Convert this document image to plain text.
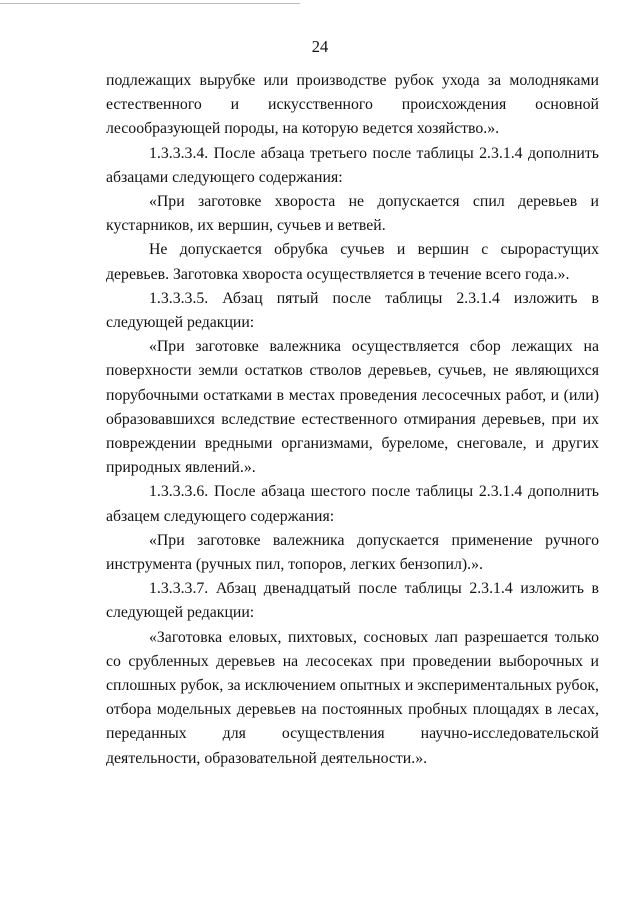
24

подлежащих вырубке или производстве рубок ухода за молодняками естественного и искусственного происхождения основной лесообразующей породы, на которую ведется хозяйство.».

1.3.3.3.4. После абзаца третьего после таблицы 2.3.1.4 дополнить абзацами следующего содержания:

«При заготовке хвороста не допускается спил деревьев и кустарников, их вершин, сучьев и ветвей.

Не допускается обрубка сучьев и вершин с сырорастущих деревьев. Заготовка хвороста осуществляется в течение всего года.».

1.3.3.3.5. Абзац пятый после таблицы 2.3.1.4 изложить в следующей редакции:

«При заготовке валежника осуществляется сбор лежащих на поверхности земли остатков стволов деревьев, сучьев, не являющихся порубочными остатками в местах проведения лесосечных работ, и (или) образовавшихся вследствие естественного отмирания деревьев, при их повреждении вредными организмами, буреломе, снеговале, и других природных явлений.».

1.3.3.3.6. После абзаца шестого после таблицы 2.3.1.4 дополнить абзацем следующего содержания:

«При заготовке валежника допускается применение ручного инструмента (ручных пил, топоров, легких бензопил).».

1.3.3.3.7. Абзац двенадцатый после таблицы 2.3.1.4 изложить в следующей редакции:

«Заготовка еловых, пихтовых, сосновых лап разрешается только со срубленных деревьев на лесосеках при проведении выборочных и сплошных рубок, за исключением опытных и экспериментальных рубок, отбора модельных деревьев на постоянных пробных площадях в лесах, переданных для осуществления научно-исследовательской деятельности, образовательной деятельности.».
